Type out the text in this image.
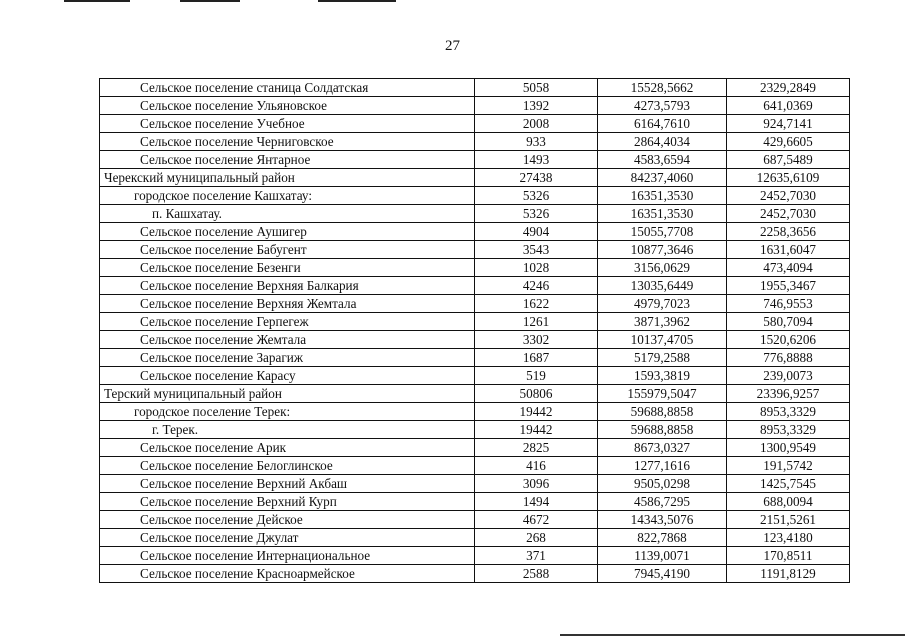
27
Сельское поселение станица Солдатская	5058	15528,5662	2329,2849
Сельское поселение Ульяновское	1392	4273,5793	641,0369
Сельское поселение Учебное	2008	6164,7610	924,7141
Сельское поселение Черниговское	933	2864,4034	429,6605
Сельское поселение Янтарное	1493	4583,6594	687,5489
Черекский муниципальный район	27438	84237,4060	12635,6109
городское поселение Кашхатау:	5326	16351,3530	2452,7030
п. Кашхатау.	5326	16351,3530	2452,7030
Сельское поселение Аушигер	4904	15055,7708	2258,3656
Сельское поселение Бабугент	3543	10877,3646	1631,6047
Сельское поселение Безенги	1028	3156,0629	473,4094
Сельское поселение Верхняя Балкария	4246	13035,6449	1955,3467
Сельское поселение Верхняя Жемтала	1622	4979,7023	746,9553
Сельское поселение Герпегеж	1261	3871,3962	580,7094
Сельское поселение Жемтала	3302	10137,4705	1520,6206
Сельское поселение Зарагиж	1687	5179,2588	776,8888
Сельское поселение Карасу	519	1593,3819	239,0073
Терский муниципальный район	50806	155979,5047	23396,9257
городское поселение Терек:	19442	59688,8858	8953,3329
г. Терек.	19442	59688,8858	8953,3329
Сельское поселение Арик	2825	8673,0327	1300,9549
Сельское поселение Белоглинское	416	1277,1616	191,5742
Сельское поселение Верхний Акбаш	3096	9505,0298	1425,7545
Сельское поселение Верхний Курп	1494	4586,7295	688,0094
Сельское поселение Дейское	4672	14343,5076	2151,5261
Сельское поселение Джулат	268	822,7868	123,4180
Сельское поселение Интернациональное	371	1139,0071	170,8511
Сельское поселение Красноармейское	2588	7945,4190	1191,8129
